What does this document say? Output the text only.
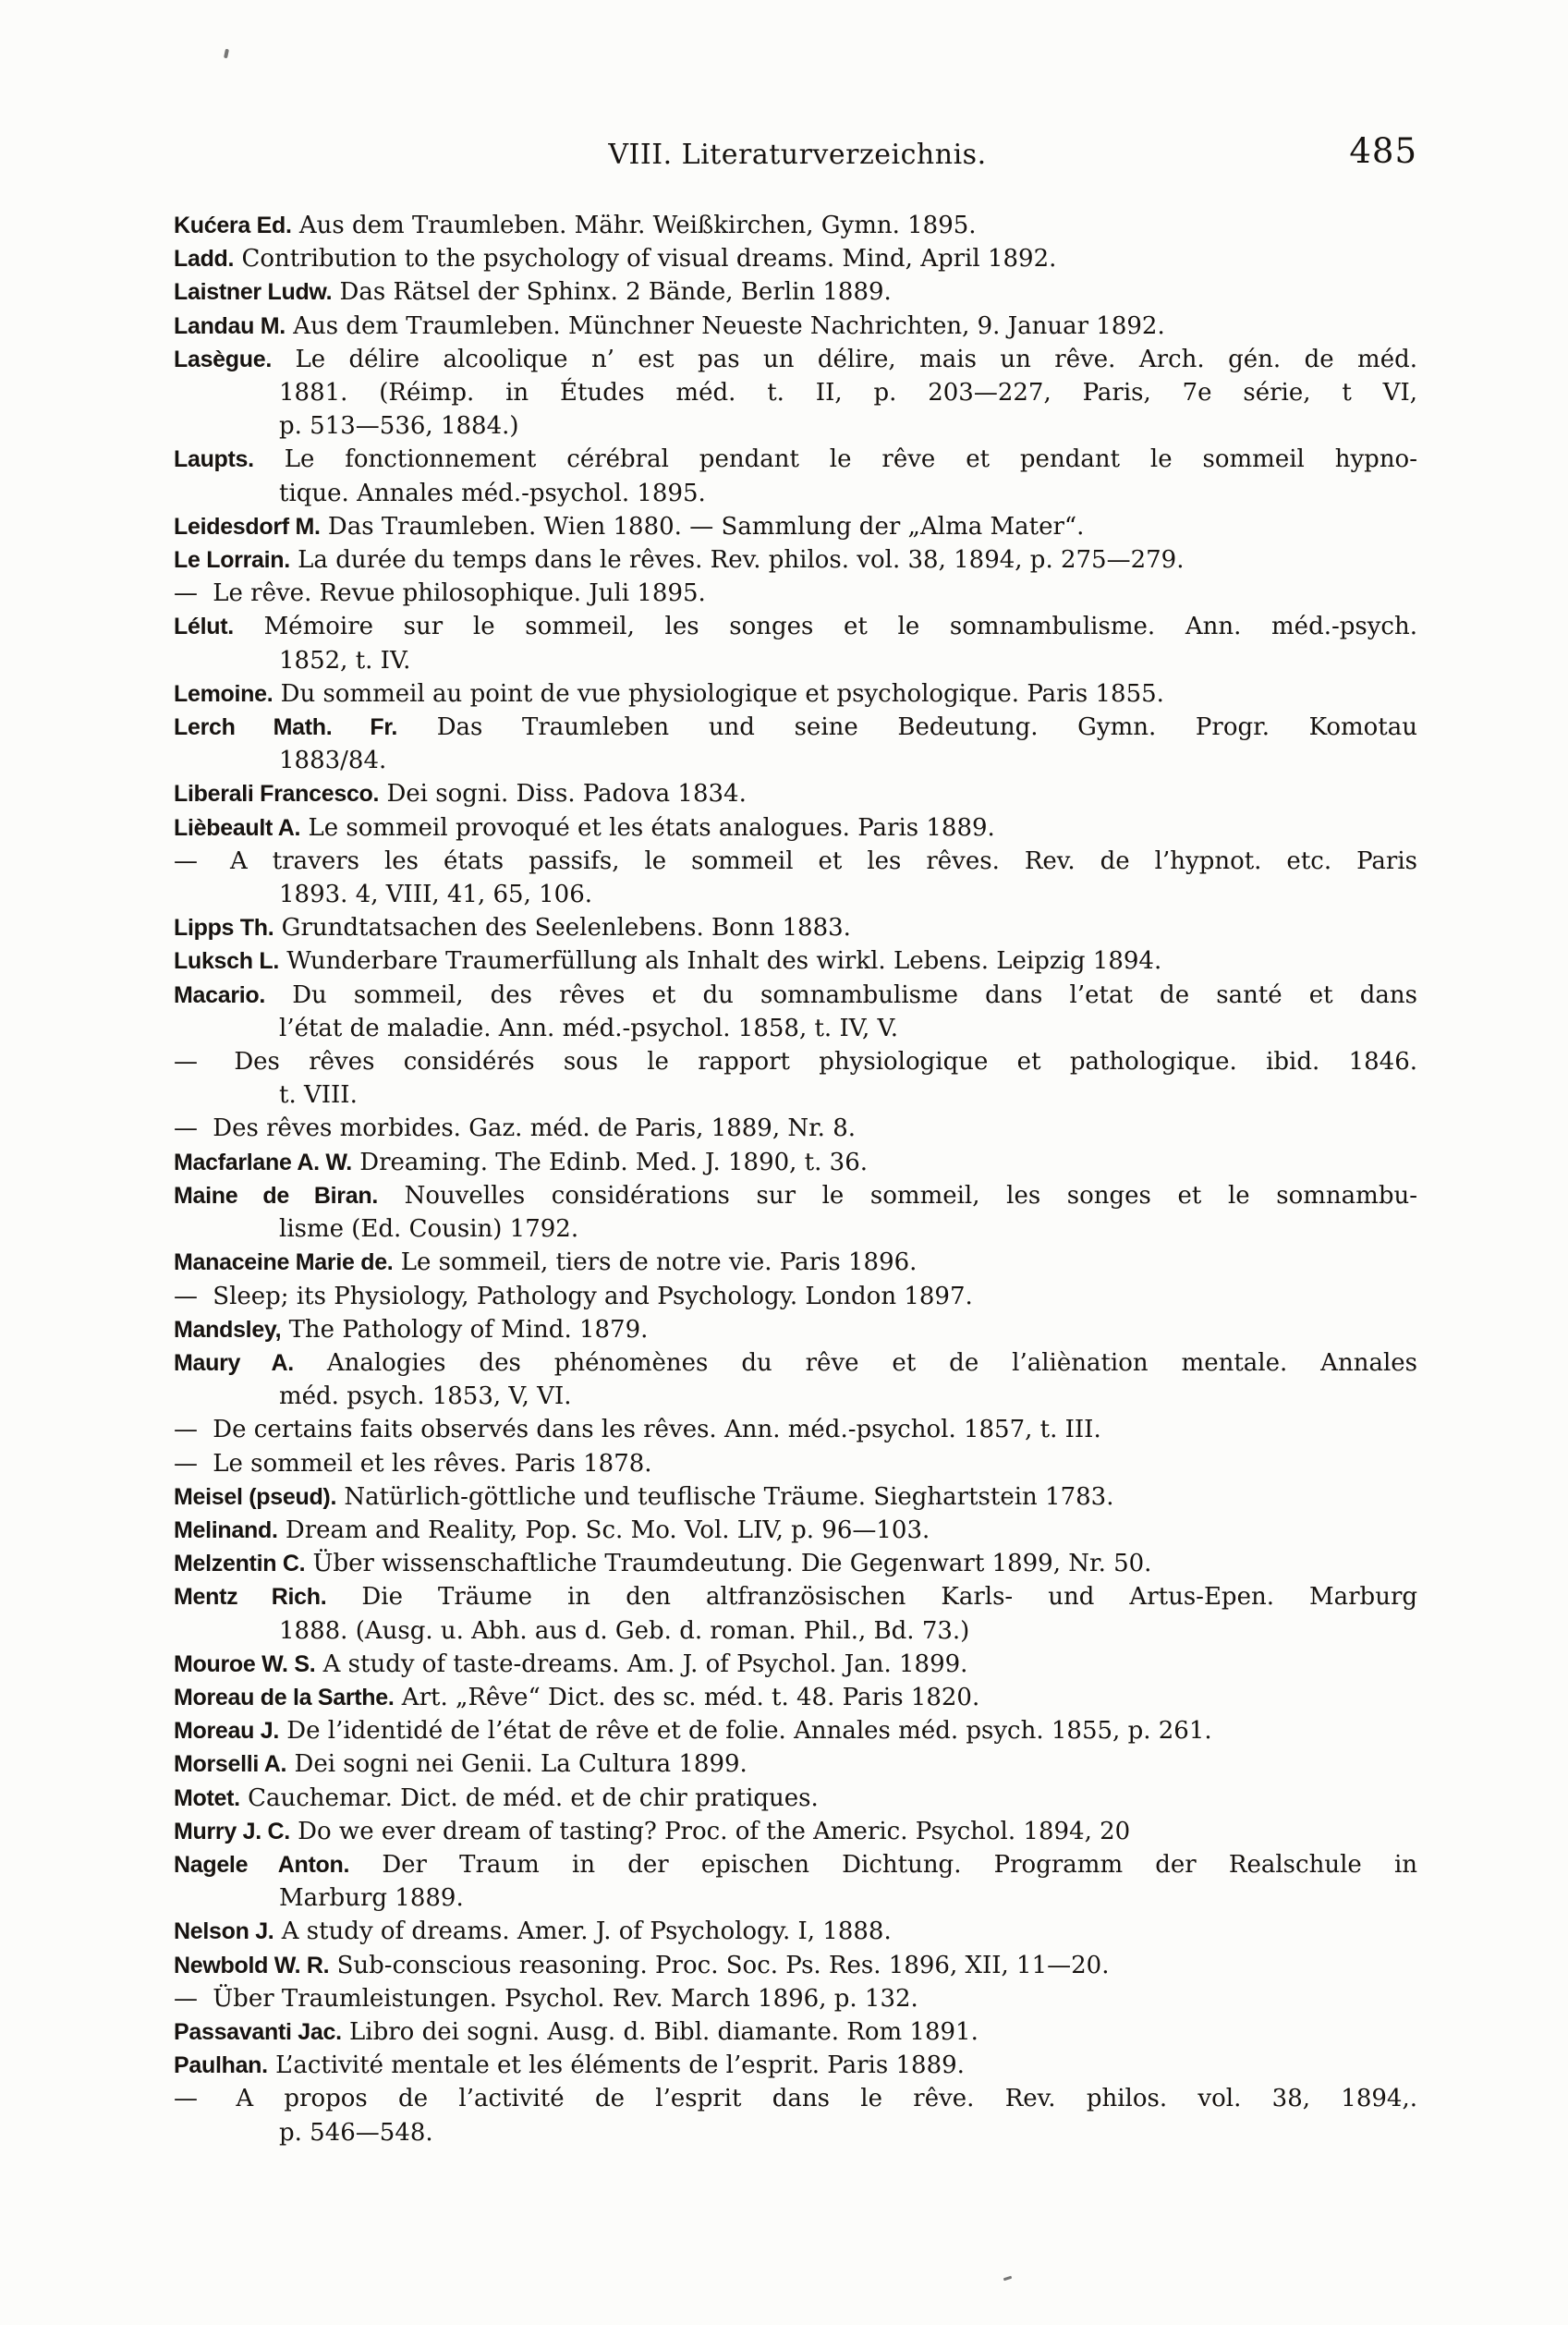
VIII. Literaturverzeichnis.	485
Kućera Ed. Aus dem Traumleben. Mähr. Weißkirchen, Gymn. 1895.
Ladd. Contribution to the psychology of visual dreams. Mind, April 1892.
Laistner Ludw. Das Rätsel der Sphinx. 2 Bände, Berlin 1889.
Landau M. Aus dem Traumleben. Münchner Neueste Nachrichten, 9. Januar 1892.
Lasègue. Le délire alcoolique n’ est pas un délire, mais un rêve. Arch. gén. de méd.
1881. (Réimp. in Études méd. t. II, p. 203—227, Paris, 7e série, t VI,
p. 513—536, 1884.)
Laupts. Le fonctionnement cérébral pendant le rêve et pendant le sommeil hypno-
tique. Annales méd.-psychol. 1895.
Leidesdorf M. Das Traumleben. Wien 1880. — Sammlung der „Alma Mater“.
Le Lorrain. La durée du temps dans le rêves. Rev. philos. vol. 38, 1894, p. 275—279.
— Le rêve. Revue philosophique. Juli 1895.
Lélut. Mémoire sur le sommeil, les songes et le somnambulisme. Ann. méd.-psych.
1852, t. IV.
Lemoine. Du sommeil au point de vue physiologique et psychologique. Paris 1855.
Lerch Math. Fr. Das Traumleben und seine Bedeutung. Gymn. Progr. Komotau
1883/84.
Liberali Francesco. Dei sogni. Diss. Padova 1834.
Lièbeault A. Le sommeil provoqué et les états analogues. Paris 1889.
— A travers les états passifs, le sommeil et les rêves. Rev. de l’hypnot. etc. Paris
1893. 4, VIII, 41, 65, 106.
Lipps Th. Grundtatsachen des Seelenlebens. Bonn 1883.
Luksch L. Wunderbare Traumerfüllung als Inhalt des wirkl. Lebens. Leipzig 1894.
Macario. Du sommeil, des rêves et du somnambulisme dans l’etat de santé et dans
l’état de maladie. Ann. méd.-psychol. 1858, t. IV, V.
— Des rêves considérés sous le rapport physiologique et pathologique. ibid. 1846.
t. VIII.
— Des rêves morbides. Gaz. méd. de Paris, 1889, Nr. 8.
Macfarlane A. W. Dreaming. The Edinb. Med. J. 1890, t. 36.
Maine de Biran. Nouvelles considérations sur le sommeil, les songes et le somnambu-
lisme (Ed. Cousin) 1792.
Manaceine Marie de. Le sommeil, tiers de notre vie. Paris 1896.
— Sleep; its Physiology, Pathology and Psychology. London 1897.
Mandsley, The Pathology of Mind. 1879.
Maury A. Analogies des phénomènes du rêve et de l’aliènation mentale. Annales
méd. psych. 1853, V, VI.
— De certains faits observés dans les rêves. Ann. méd.-psychol. 1857, t. III.
— Le sommeil et les rêves. Paris 1878.
Meisel (pseud). Natürlich-göttliche und teuflische Träume. Sieghartstein 1783.
Melinand. Dream and Reality, Pop. Sc. Mo. Vol. LIV, p. 96—103.
Melzentin C. Über wissenschaftliche Traumdeutung. Die Gegenwart 1899, Nr. 50.
Mentz Rich. Die Träume in den altfranzösischen Karls- und Artus-Epen. Marburg
1888. (Ausg. u. Abh. aus d. Geb. d. roman. Phil., Bd. 73.)
Mouroe W. S. A study of taste-dreams. Am. J. of Psychol. Jan. 1899.
Moreau de la Sarthe. Art. „Rêve“ Dict. des sc. méd. t. 48. Paris 1820.
Moreau J. De l’identidé de l’état de rêve et de folie. Annales méd. psych. 1855, p. 261.
Morselli A. Dei sogni nei Genii. La Cultura 1899.
Motet. Cauchemar. Dict. de méd. et de chir pratiques.
Murry J. C. Do we ever dream of tasting? Proc. of the Americ. Psychol. 1894, 20
Nagele Anton. Der Traum in der epischen Dichtung. Programm der Realschule in
Marburg 1889.
Nelson J. A study of dreams. Amer. J. of Psychology. I, 1888.
Newbold W. R. Sub-conscious reasoning. Proc. Soc. Ps. Res. 1896, XII, 11—20.
— Über Traumleistungen. Psychol. Rev. March 1896, p. 132.
Passavanti Jac. Libro dei sogni. Ausg. d. Bibl. diamante. Rom 1891.
Paulhan. L’activité mentale et les éléments de l’esprit. Paris 1889.
— A propos de l’activité de l’esprit dans le rêve. Rev. philos. vol. 38, 1894,.
p. 546—548.
